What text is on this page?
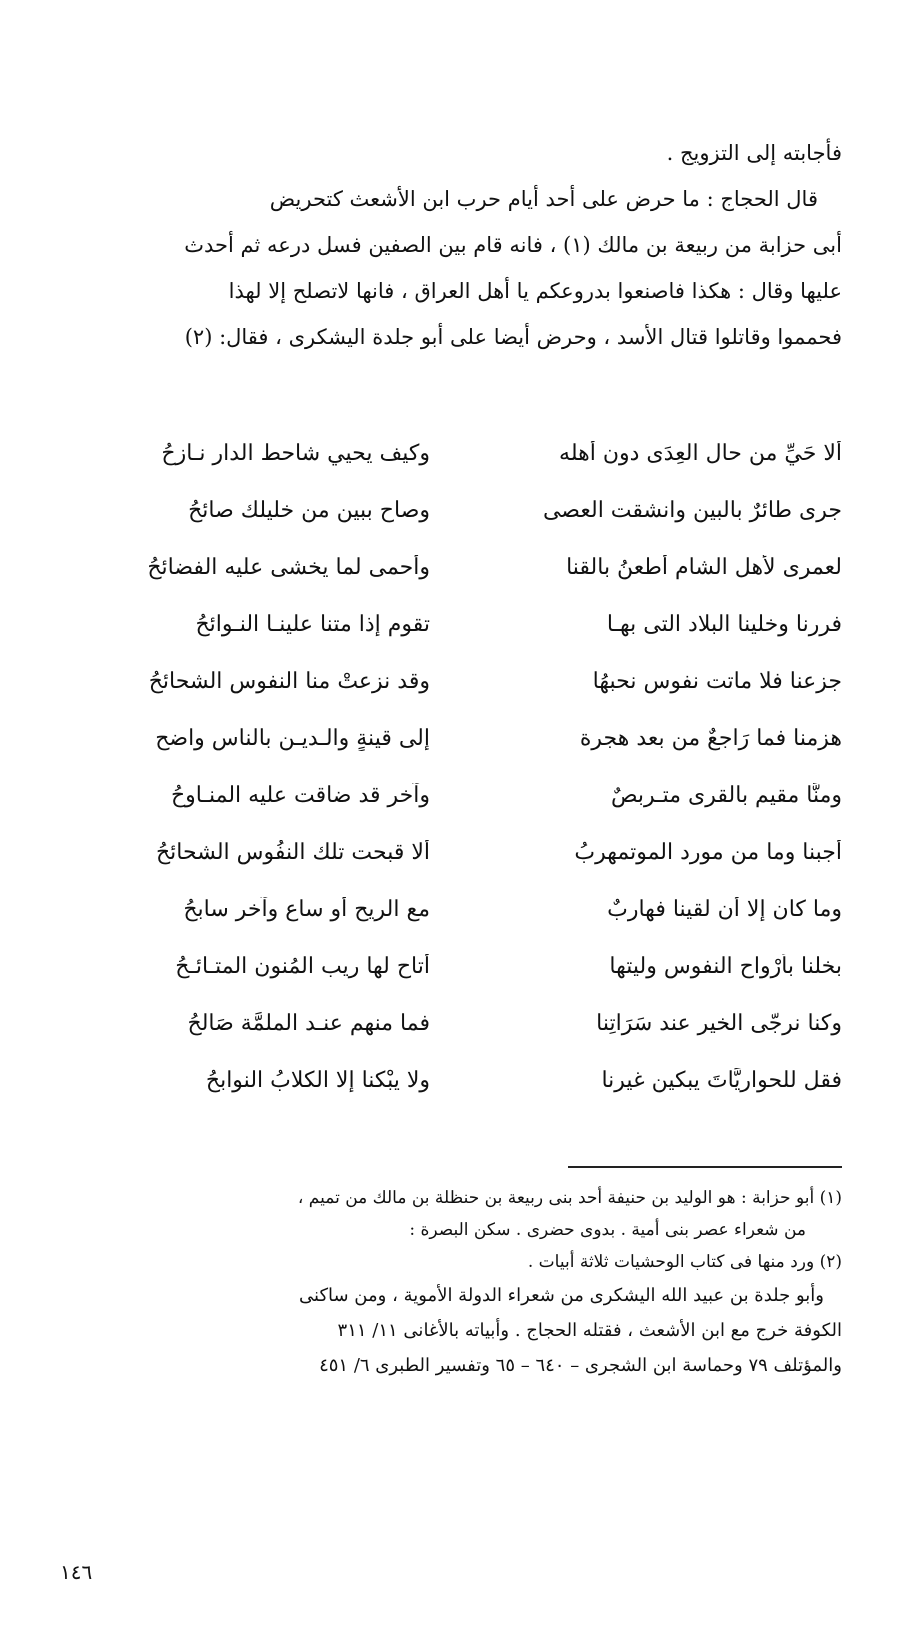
فأجابته إلى التزويج .
قال الحجاج : ما حرض على أحد أيام حرب ابن الأشعث كتحريض
أبى حزابة من ربيعة بن مالك (١) ، فانه قام بين الصفين فسل درعه ثم أحدث
عليها وقال : هكذا فاصنعوا بدروعكم يا أهل العراق ، فانها لاتصلح إلا لهذا
فحمموا وقاتلوا قتال الأسد ، وحرض أيضا على أبو جلدة اليشكرى ، فقال: (٢)
ألا حَيِّ من حال العِدَى دون أهله
وكيف يحيي شاحط الدار نـازحُ
جرى طائرٌ بالبين وانشقت العصى
وصاح ببين من خليلك صائحُ
لعمرى لأهل الشام أطعنُ بالقنا
وأحمى لما يخشى عليه الفضائحُ
فررنا وخلينا البلاد التى بهـا
تقوم إذا متنا علينـا النـوائحُ
جزعنا فلا ماتت نفوس نحبهُا
وقد نزعتْ منا النفوس الشحائحُ
هزمنا فما رَاجعٌ من بعد هجرة
إلى قينةٍ والـديـن بالناسِ واضح
ومنَّا مقيم بالقرى متـربصٌ
وآخر قد ضاقت عليه المنـاوحُ
أجبنا وما من مورد الموتمهربُ
ألا قبحت تلك النفُوس الشحائحُ
وما كان إلا أن لقينا فهاربٌ
مع الريح أو ساع وآخر سابحُ
بخلنا بأَرْواح النفوس وليتها
أتاح لها ريب المُنون المتـائـحُ
وكنا نرجّى الخير عند سَرَاتِنا
فما منهم عنـد الملمَّة صَالحُ
فقل للحواريَّاتَ يبكين غيرنا
ولا يبْكنا إلا الكلابُ النوابحُ
(١) أبو حزابة : هو الوليد بن حنيفة أحد بنى ربيعة بن حنظلة بن مالك من تميم ،
من شعراء عصر بنى أمية . بدوى حضرى . سكن البصرة :
(٢) ورد منها فى كتاب الوحشيات ثلاثة أبيات .
وأبو جلدة بن عبيد الله اليشكرى من شعراء الدولة الأموية ، ومن ساكنى
الكوفة خرج مع ابن الأشعث ، فقتله الحجاج . وأبياته بالأغانى ١١/ ٣١١
والمؤتلف ٧٩ وحماسة ابن الشجرى – ٦٤٠ – ٦٥ وتفسير الطبرى ٦/ ٤٥١
١٤٦
